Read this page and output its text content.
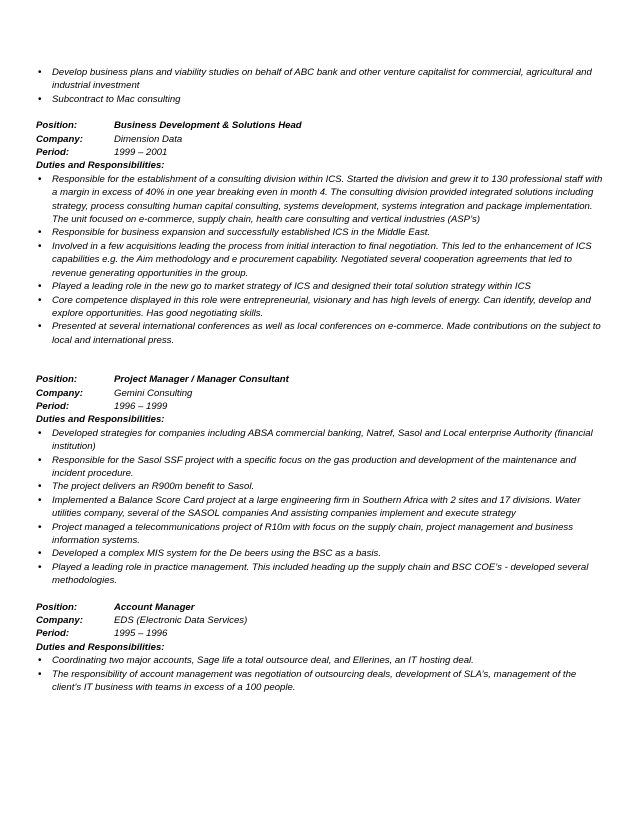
• Develop business plans and viability studies on behalf of ABC bank and other venture capitalist for commercial, agricultural and industrial investment
• Subcontract to Mac consulting
Position:	Business Development & Solutions Head
Company:	Dimension Data
Period:	1999 – 2001
Duties and Responsibilities:
• Responsible for the establishment of a consulting division within ICS. Started the division and grew it to 130 professional staff with a margin in excess of 40% in one year breaking even in month 4. The consulting division provided integrated solutions including strategy, process consulting human capital consulting, systems development, systems integration and package implementation. The unit focused on e-commerce, supply chain, health care consulting and vertical industries (ASP’s)
• Responsible for business expansion and successfully established ICS in the Middle East.
• Involved in a few acquisitions leading the process from initial interaction to final negotiation. This led to the enhancement of ICS capabilities e.g. the Aim methodology and e procurement capability. Negotiated several cooperation agreements that led to revenue generating opportunities in the group.
• Played a leading role in the new go to market strategy of ICS and designed their total solution strategy within ICS
• Core competence displayed in this role were entrepreneurial, visionary and has high levels of energy. Can identify, develop and explore opportunities. Has good negotiating skills.
• Presented at several international conferences as well as local conferences on e-commerce. Made contributions on the subject to local and international press.
Position:	Project Manager / Manager Consultant
Company:	Gemini Consulting
Period:	1996 – 1999
Duties and Responsibilities:
• Developed strategies for companies including ABSA commercial banking, Natref, Sasol and Local enterprise Authority (financial institution)
• Responsible for the Sasol SSF project with a specific focus on the gas production and development of the maintenance and incident procedure.
• The project delivers an R900m benefit to Sasol.
• Implemented a Balance Score Card project at a large engineering firm in Southern Africa with 2 sites and 17 divisions. Water utilities company, several of the SASOL companies And assisting companies implement and execute strategy
• Project managed a telecommunications project of R10m with focus on the supply chain, project management and business information systems.
• Developed a complex MIS system for the De beers using the BSC as a basis.
• Played a leading role in practice management. This included heading up the supply chain and BSC COE’s - developed several methodologies.
Position:	Account Manager
Company:	EDS (Electronic Data Services)
Period:	1995 – 1996
Duties and Responsibilities:
• Coordinating two major accounts, Sage life a total outsource deal, and Ellerines, an IT hosting deal.
• The responsibility of account management was negotiation of outsourcing deals, development of SLA’s, management of the client’s IT business with teams in excess of a 100 people.
